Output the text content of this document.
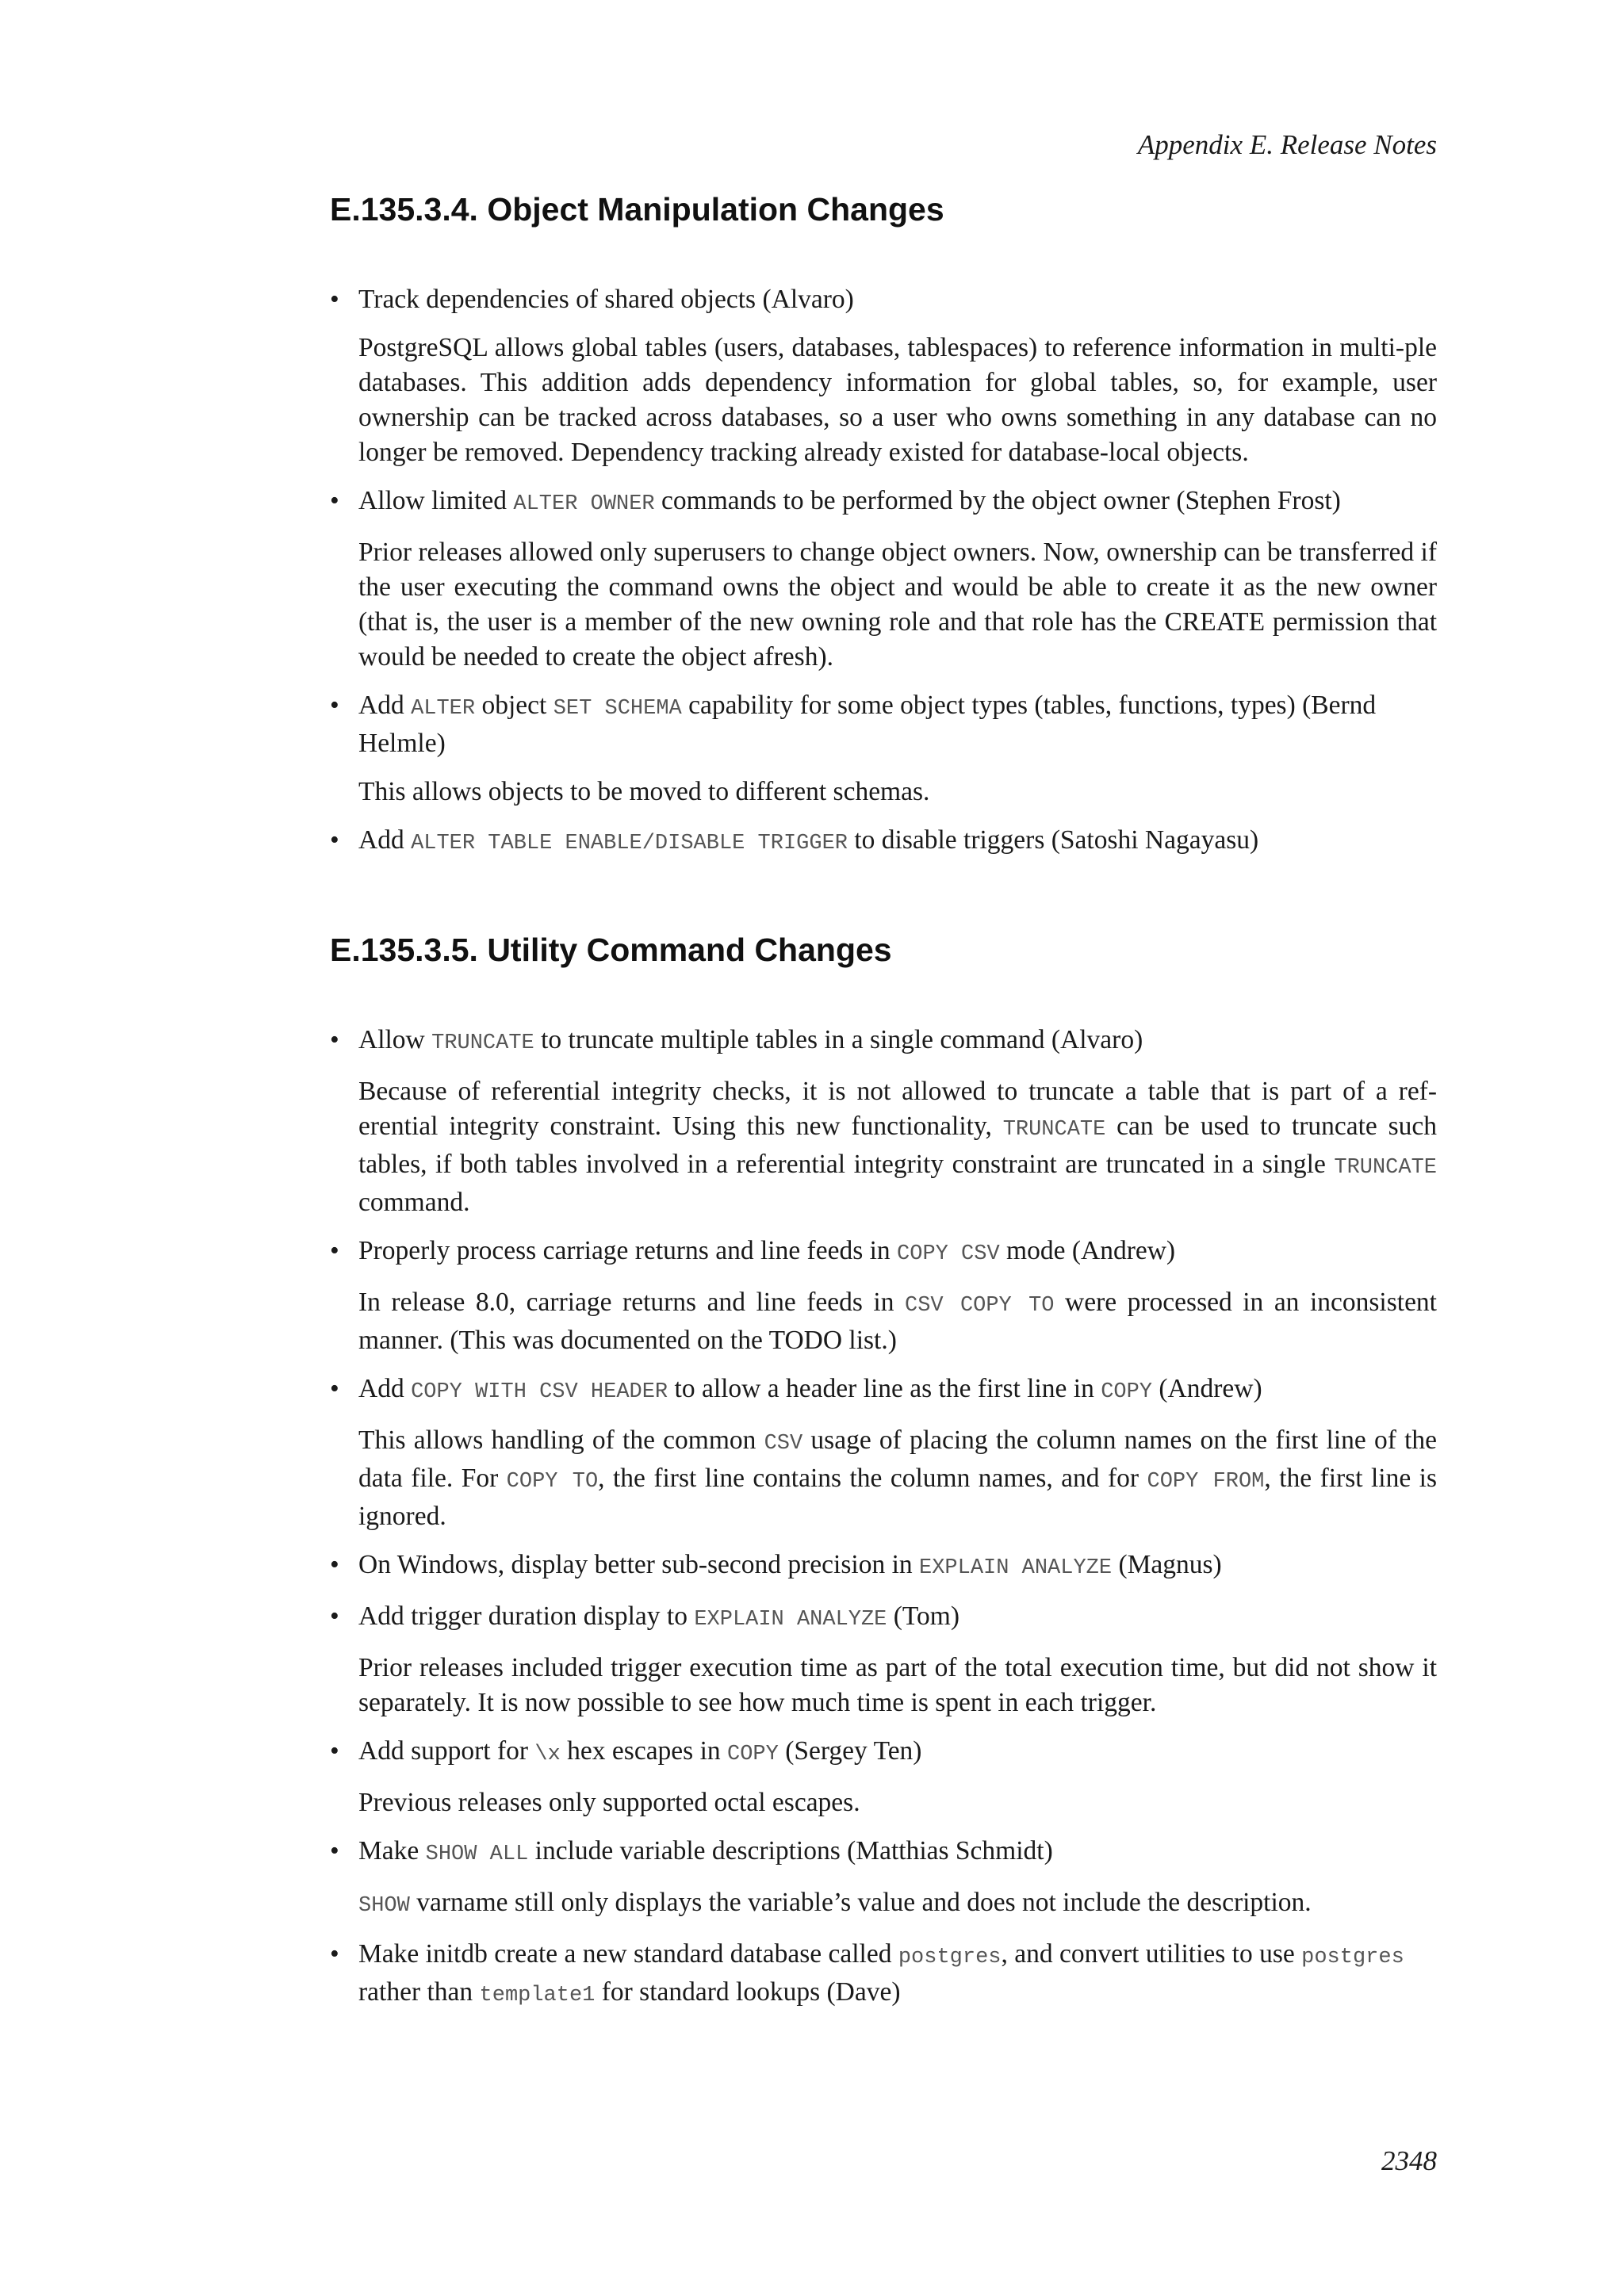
Appendix E. Release Notes
E.135.3.4. Object Manipulation Changes
• Track dependencies of shared objects (Alvaro)

PostgreSQL allows global tables (users, databases, tablespaces) to reference information in multi-ple databases. This addition adds dependency information for global tables, so, for example, user ownership can be tracked across databases, so a user who owns something in any database can no longer be removed. Dependency tracking already existed for database-local objects.

• Allow limited ALTER OWNER commands to be performed by the object owner (Stephen Frost)

Prior releases allowed only superusers to change object owners. Now, ownership can be transferred if the user executing the command owns the object and would be able to create it as the new owner (that is, the user is a member of the new owning role and that role has the CREATE permission that would be needed to create the object afresh).

• Add ALTER object SET SCHEMA capability for some object types (tables, functions, types) (Bernd Helmle)

This allows objects to be moved to different schemas.

• Add ALTER TABLE ENABLE/DISABLE TRIGGER to disable triggers (Satoshi Nagayasu)

E.135.3.5. Utility Command Changes
• Allow TRUNCATE to truncate multiple tables in a single command (Alvaro)

Because of referential integrity checks, it is not allowed to truncate a table that is part of a ref-erential integrity constraint. Using this new functionality, TRUNCATE can be used to truncate such tables, if both tables involved in a referential integrity constraint are truncated in a single TRUNCATE command.

• Properly process carriage returns and line feeds in COPY CSV mode (Andrew)

In release 8.0, carriage returns and line feeds in CSV COPY TO were processed in an inconsistent manner. (This was documented on the TODO list.)

• Add COPY WITH CSV HEADER to allow a header line as the first line in COPY (Andrew)

This allows handling of the common CSV usage of placing the column names on the first line of the data file. For COPY TO, the first line contains the column names, and for COPY FROM, the first line is ignored.

• On Windows, display better sub-second precision in EXPLAIN ANALYZE (Magnus)

• Add trigger duration display to EXPLAIN ANALYZE (Tom)

Prior releases included trigger execution time as part of the total execution time, but did not show it separately. It is now possible to see how much time is spent in each trigger.

• Add support for \x hex escapes in COPY (Sergey Ten)

Previous releases only supported octal escapes.

• Make SHOW ALL include variable descriptions (Matthias Schmidt)

SHOW varname still only displays the variable’s value and does not include the description.

• Make initdb create a new standard database called postgres, and convert utilities to use postgres rather than template1 for standard lookups (Dave)

2348
